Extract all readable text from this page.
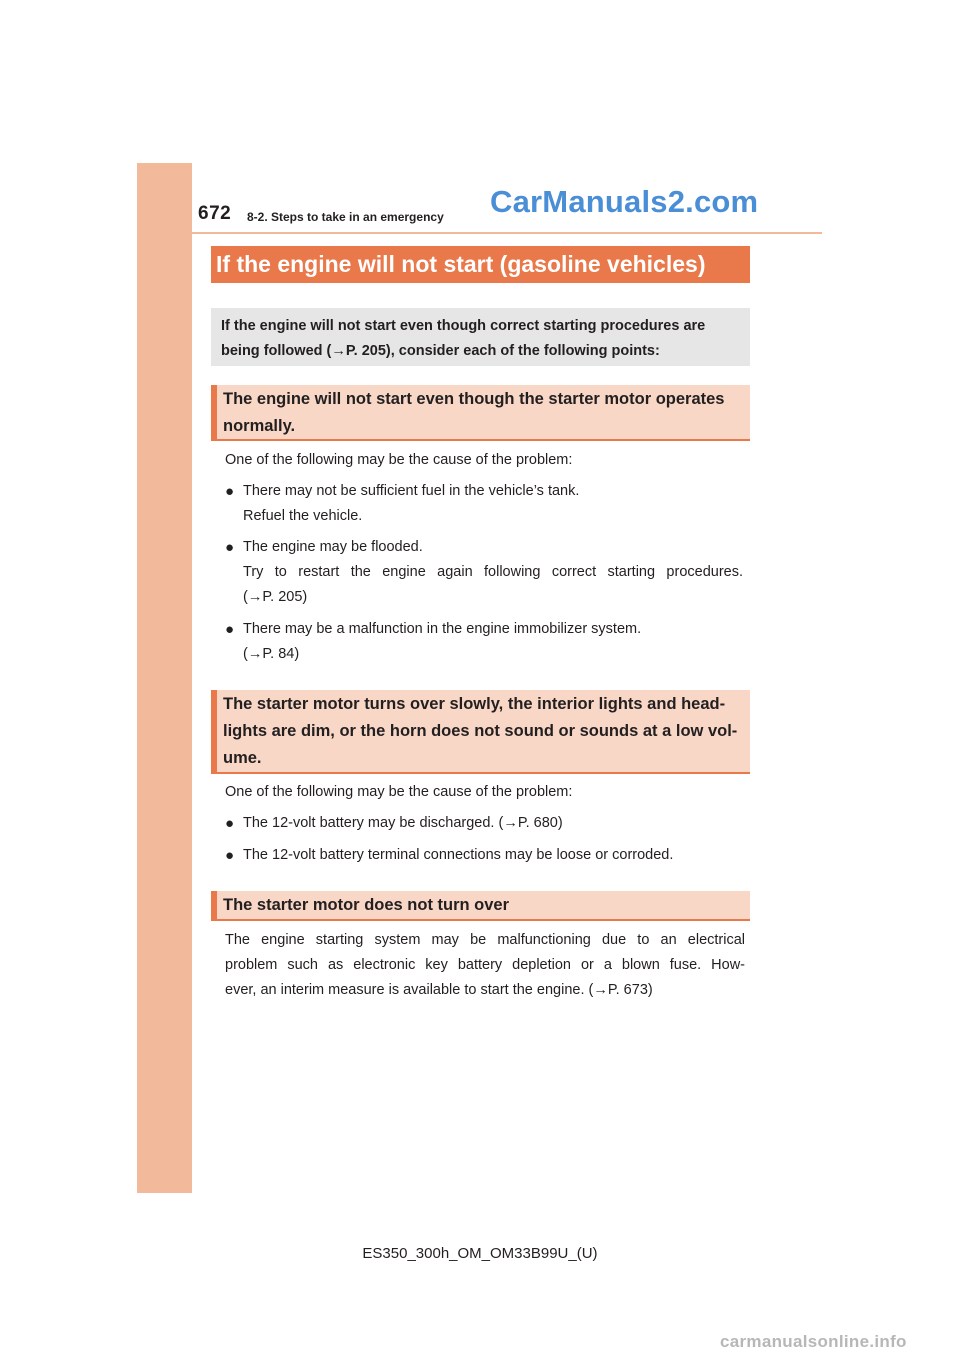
672 8-2. Steps to take in an emergency CarManuals2.com
If the engine will not start (gasoline vehicles)
If the engine will not start even though correct starting procedures are
being followed (→P. 205), consider each of the following points:
The engine will not start even though the starter motor operates
normally.
One of the following may be the cause of the problem:
● There may not be sufficient fuel in the vehicle’s tank.
Refuel the vehicle.
● The engine may be flooded.
Try to restart the engine again following correct starting procedures.
(→P. 205)
● There may be a malfunction in the engine immobilizer system.
(→P. 84)
The starter motor turns over slowly, the interior lights and head-
lights are dim, or the horn does not sound or sounds at a low vol-
ume.
One of the following may be the cause of the problem:
● The 12-volt battery may be discharged. (→P. 680)
● The 12-volt battery terminal connections may be loose or corroded.
The starter motor does not turn over
The engine starting system may be malfunctioning due to an electrical
problem such as electronic key battery depletion or a blown fuse. How-
ever, an interim measure is available to start the engine. (→P. 673)
ES350_300h_OM_OM33B99U_(U)
carmanualsonline.info
